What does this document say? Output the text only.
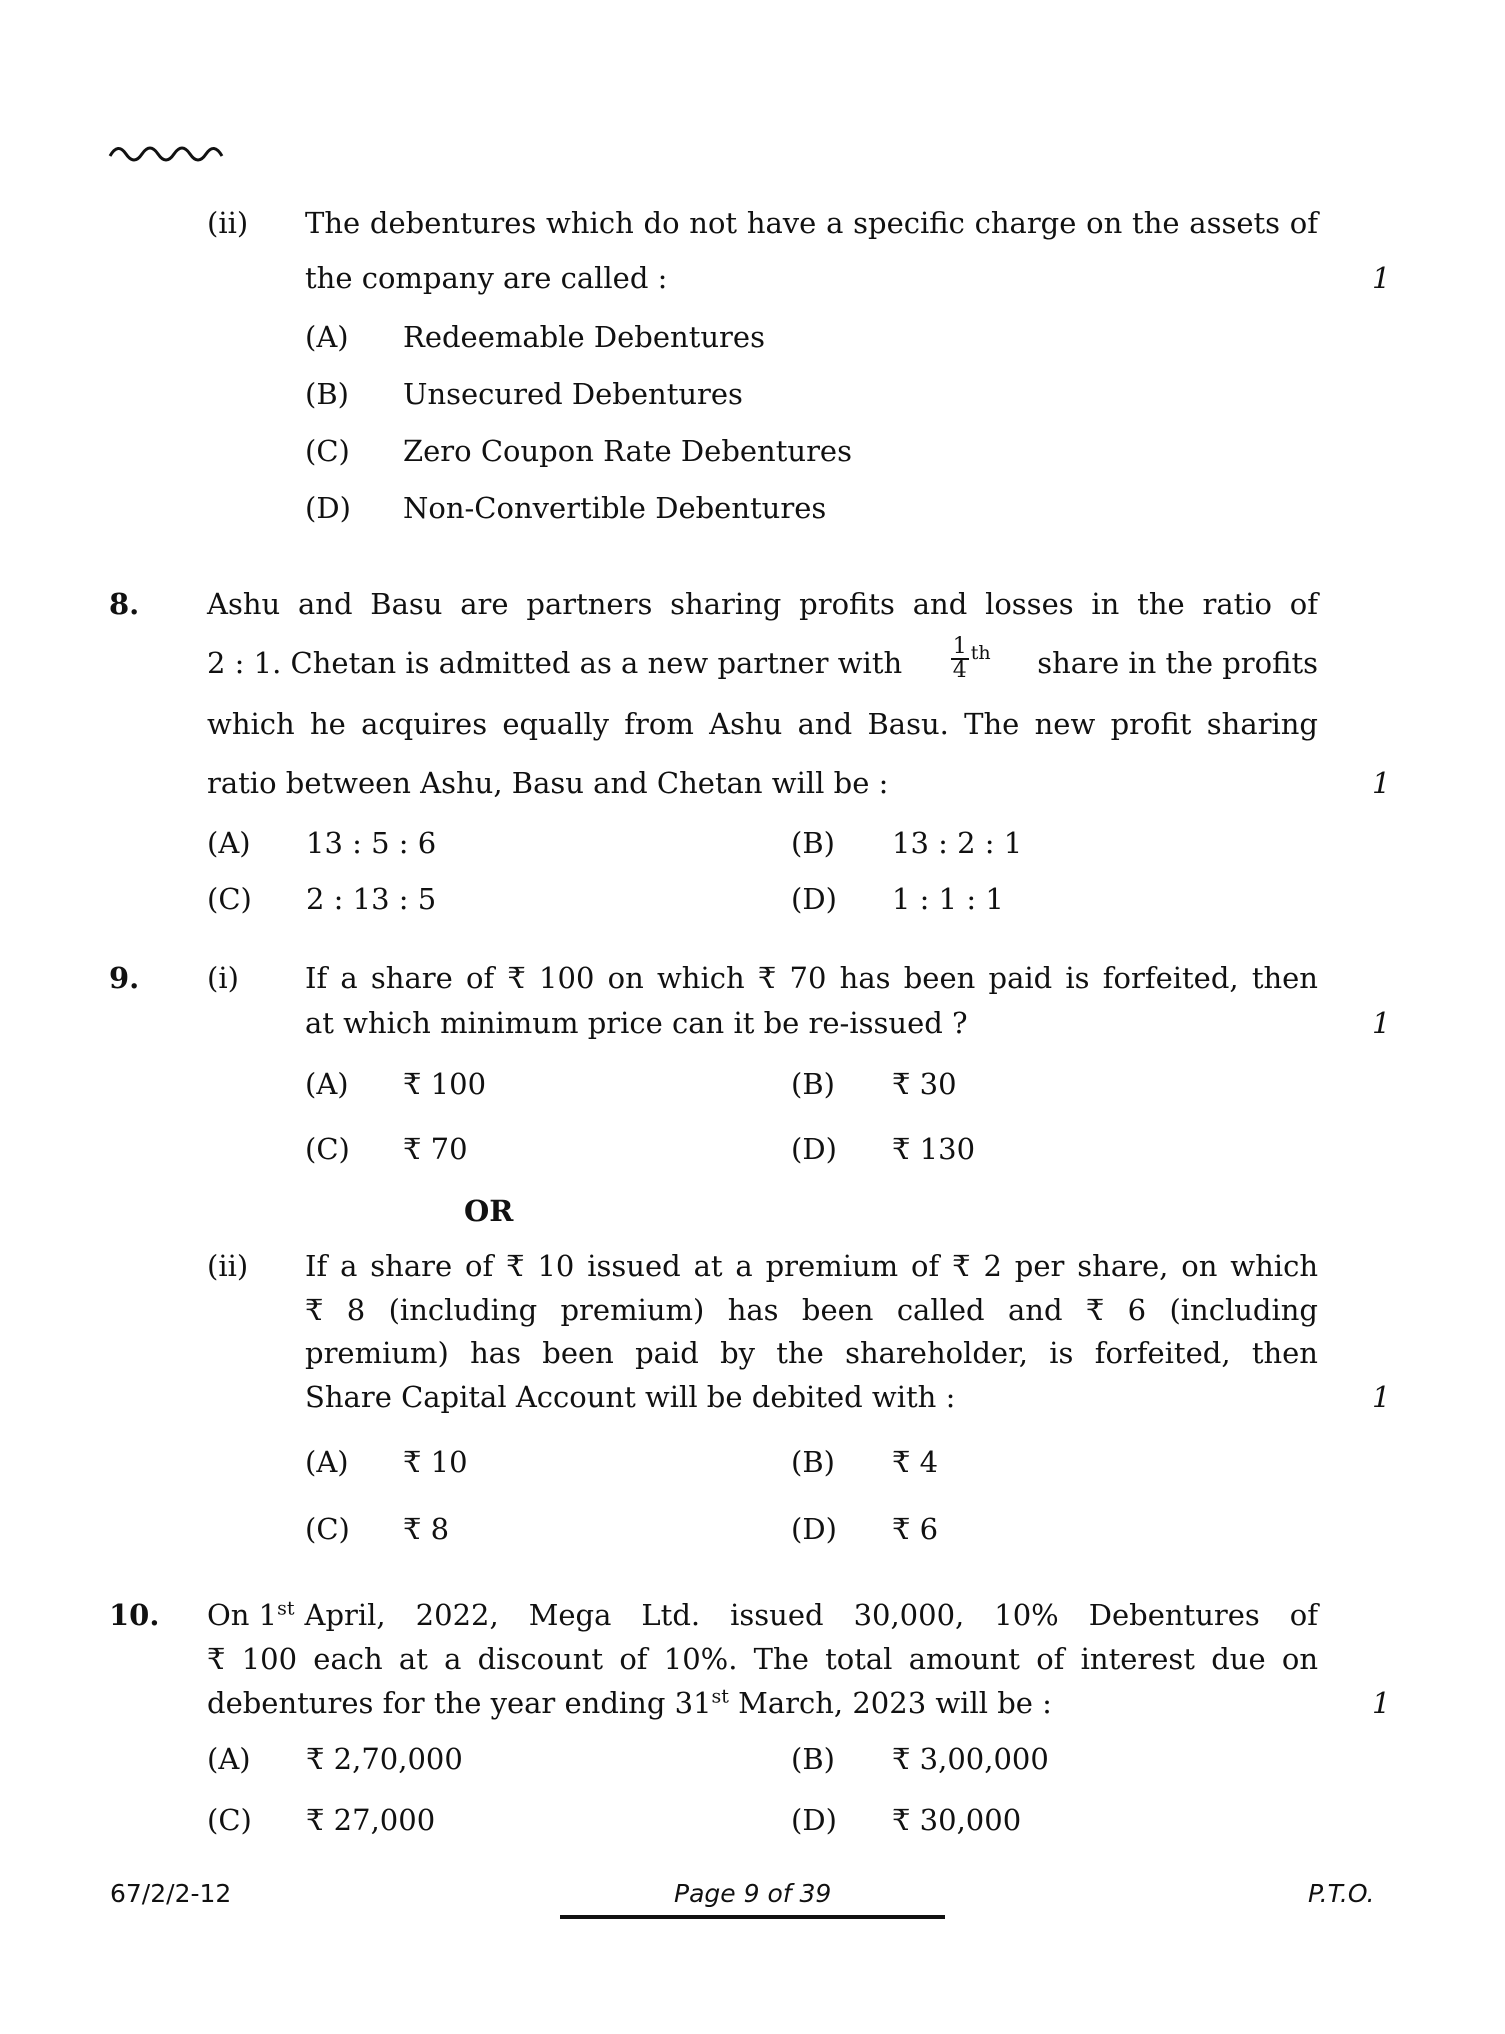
(ii) The debentures which do not have a specific charge on the assets of
the company are called :	1
(A) Redeemable Debentures
(B) Unsecured Debentures
(C) Zero Coupon Rate Debentures
(D) Non-Convertible Debentures
8. Ashu and Basu are partners sharing profits and losses in the ratio of
2 : 1. Chetan is admitted as a new partner with $\frac{1}{4}^{th}$ share in the profits
which he acquires equally from Ashu and Basu. The new profit sharing
ratio between Ashu, Basu and Chetan will be :	1
(A) 13 : 5 : 6	(B) 13 : 2 : 1
(C) 2 : 13 : 5	(D) 1 : 1 : 1
9. (i) If a share of ₹ 100 on which ₹ 70 has been paid is forfeited, then
at which minimum price can it be re-issued ?	1
(A) ₹ 100	(B) ₹ 30
(C) ₹ 70	(D) ₹ 130
OR
(ii) If a share of ₹ 10 issued at a premium of ₹ 2 per share, on which
₹ 8 (including premium) has been called and ₹ 6 (including
premium) has been paid by the shareholder, is forfeited, then
Share Capital Account will be debited with :	1
(A) ₹ 10	(B) ₹ 4
(C) ₹ 8	(D) ₹ 6
10. On 1st April, 2022, Mega Ltd. issued 30,000, 10% Debentures of
₹ 100 each at a discount of 10%. The total amount of interest due on
debentures for the year ending 31st March, 2023 will be :	1
(A) ₹ 2,70,000	(B) ₹ 3,00,000
(C) ₹ 27,000	(D) ₹ 30,000
67/2/2-12	Page 9 of 39	P.T.O.
